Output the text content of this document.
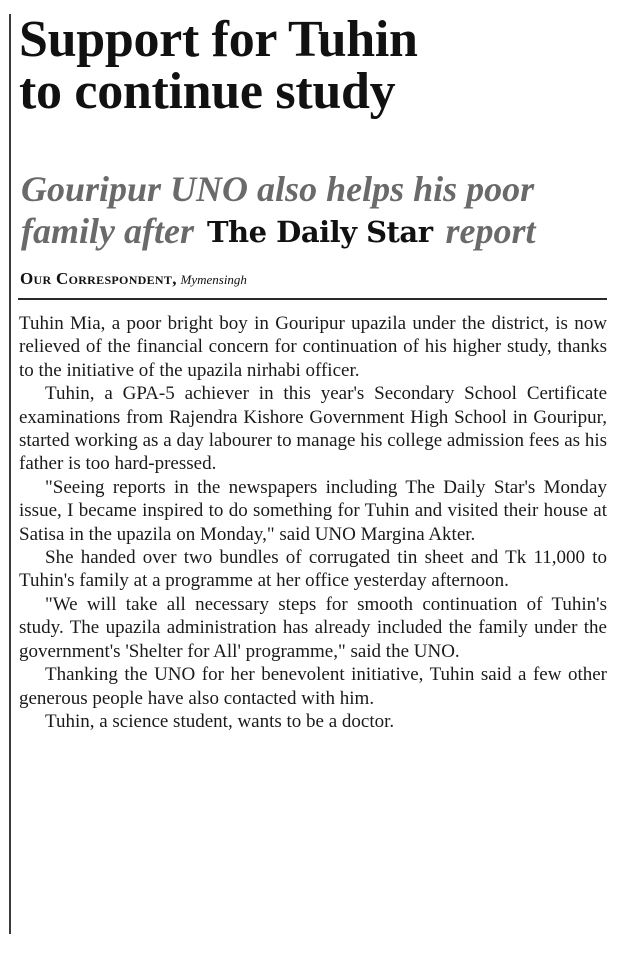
Support for Tuhin
to continue study
Gouripur UNO also helps his poor
family after The Daily Star report
Our Correspondent, Mymensingh

Tuhin Mia, a poor bright boy in Gouripur upazila under the district, is now relieved of the financial concern for continuation of his higher study, thanks to the initiative of the upazila nirhabi officer.

Tuhin, a GPA-5 achiever in this year's Secondary School Certificate examinations from Rajendra Kishore Government High School in Gouripur, started working as a day labourer to manage his college admission fees as his father is too hard-pressed.

"Seeing reports in the newspapers including The Daily Star's Monday issue, I became inspired to do something for Tuhin and visited their house at Satisa in the upazila on Monday," said UNO Margina Akter.

She handed over two bundles of corrugated tin sheet and Tk 11,000 to Tuhin's family at a programme at her office yesterday afternoon.

"We will take all necessary steps for smooth continuation of Tuhin's study. The upazila administration has already included the family under the government's 'Shelter for All' programme," said the UNO.

Thanking the UNO for her benevolent initiative, Tuhin said a few other generous people have also contacted with him.

Tuhin, a science student, wants to be a doctor.
